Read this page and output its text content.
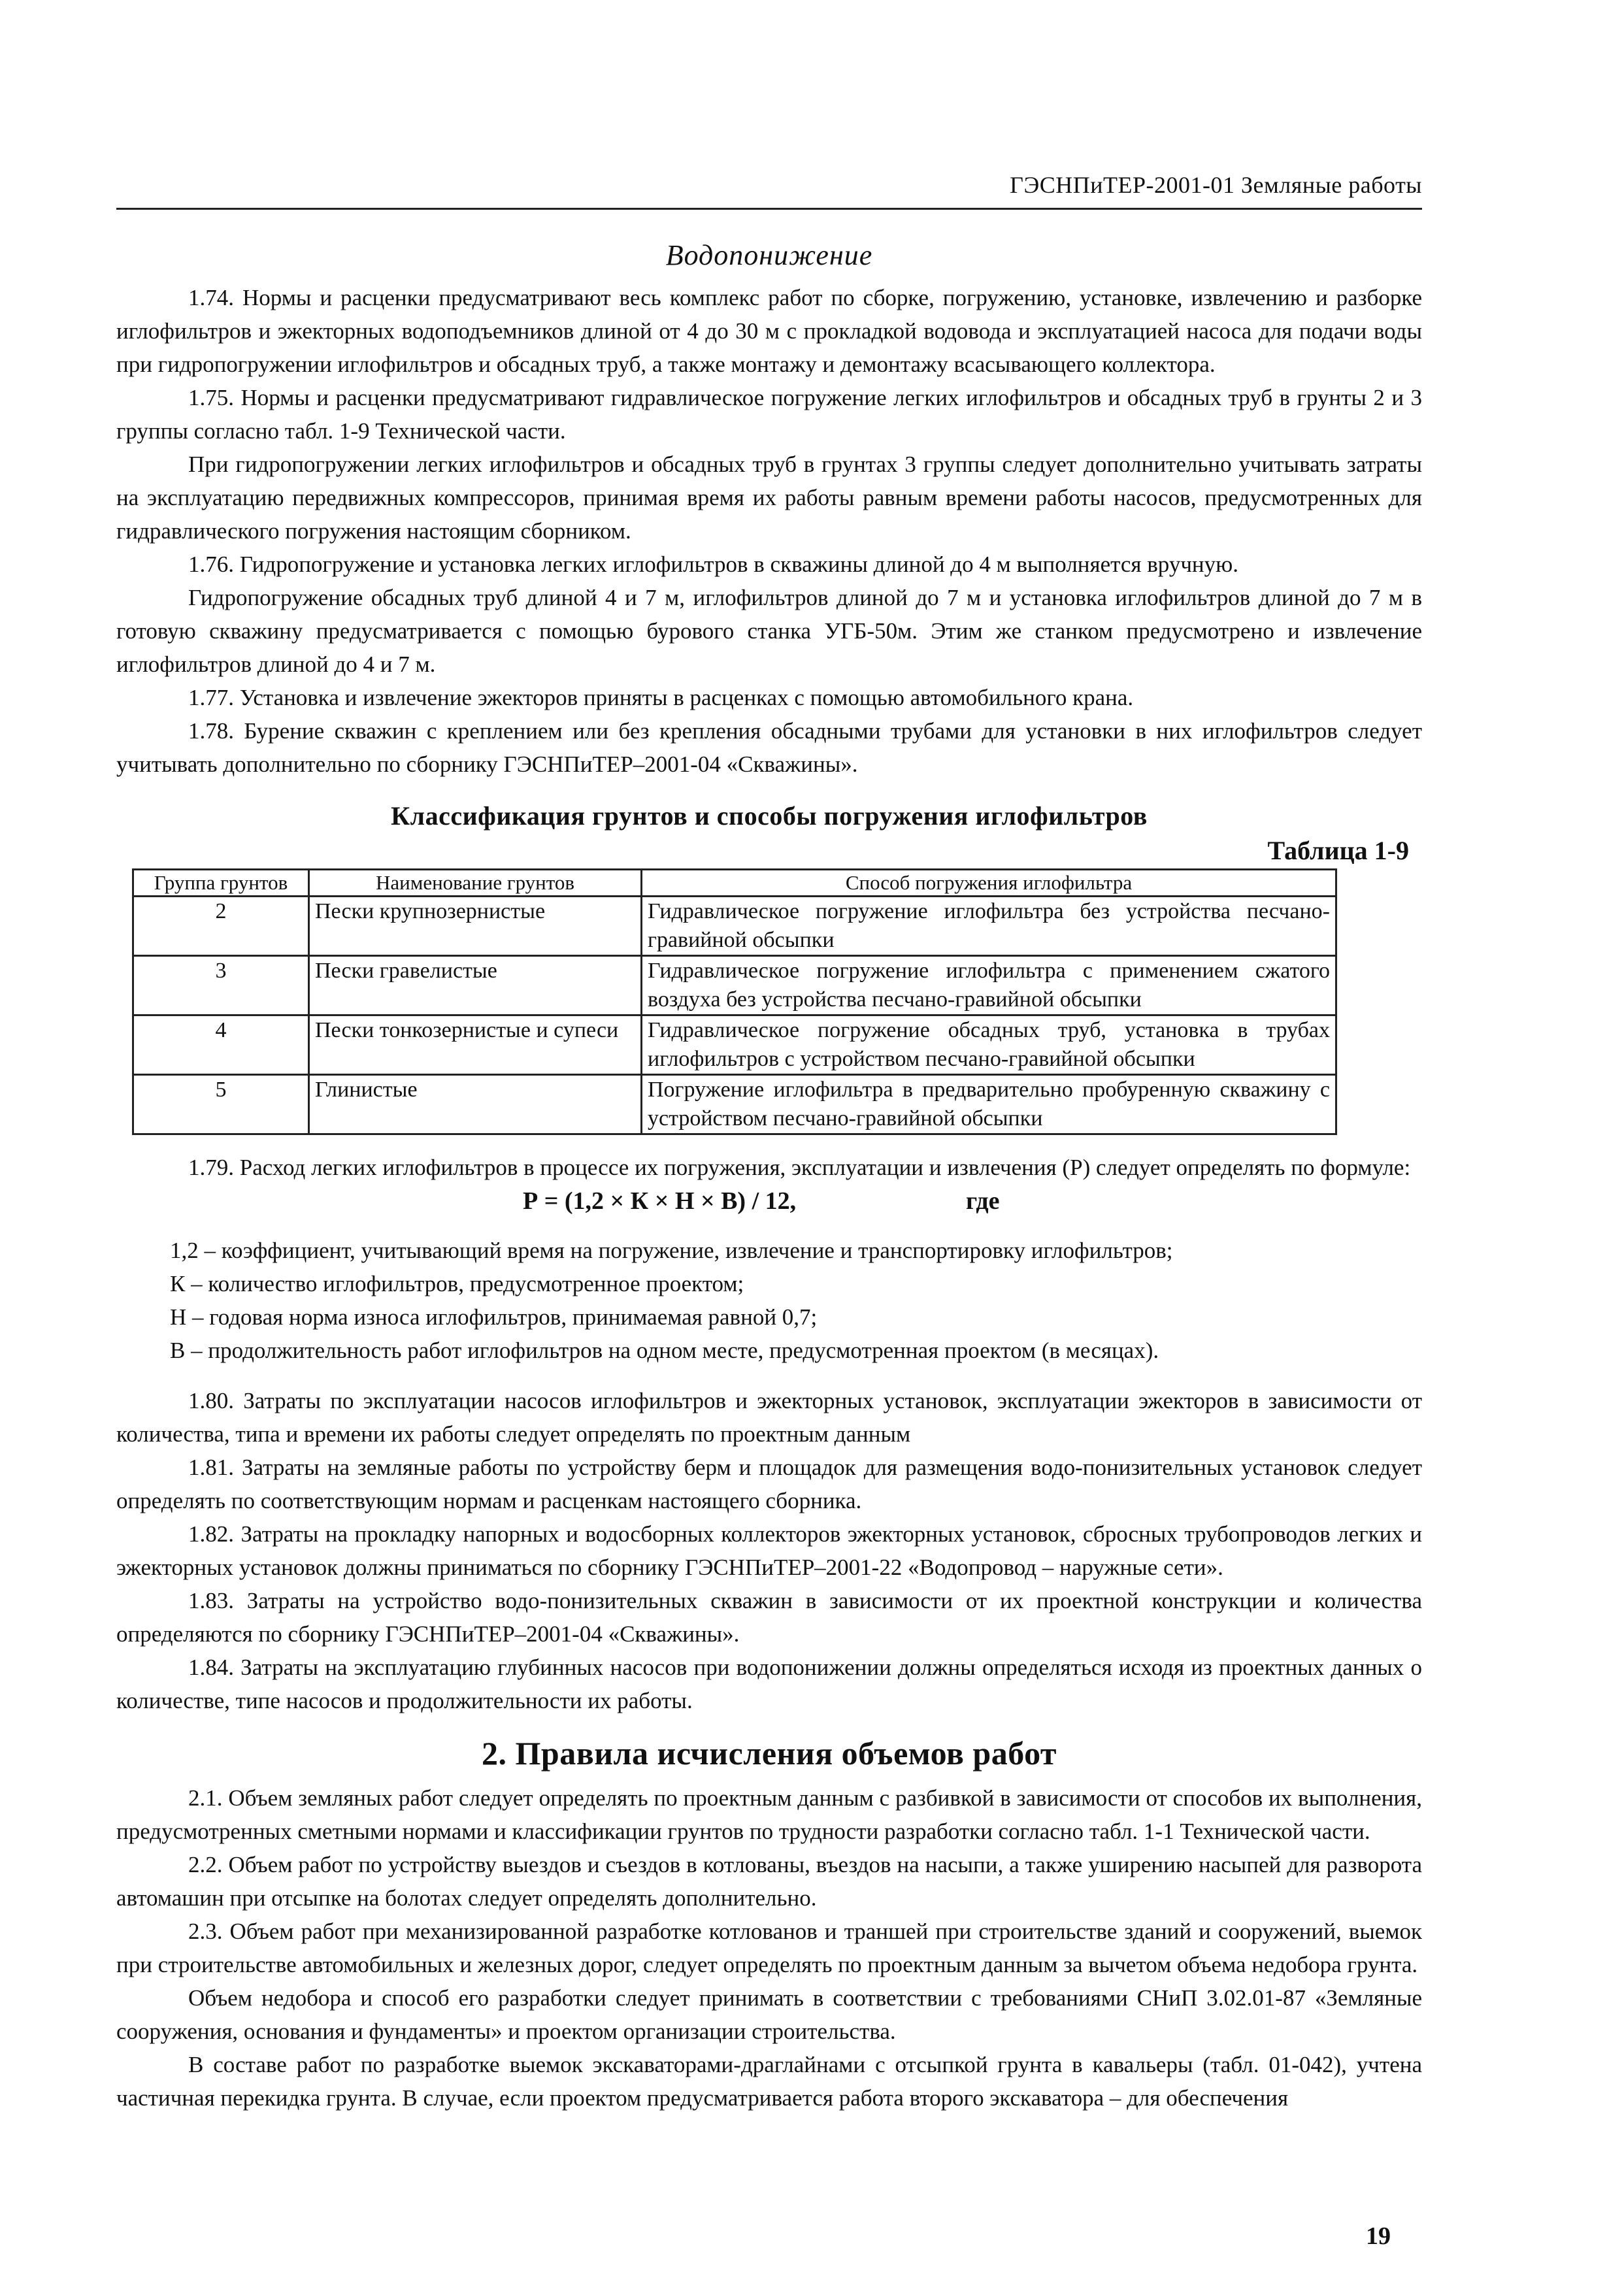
ГЭСНПиТЕР-2001-01 Земляные работы
Водопонижение

1.74. Нормы и расценки предусматривают весь комплекс работ по сборке, погружению, установке, извлечению и разборке иглофильтров и эжекторных водоподъемников длиной от 4 до 30 м с прокладкой водовода и эксплуатацией насоса для подачи воды при гидропогружении иглофильтров и обсадных труб, а также монтажу и демонтажу всасывающего коллектора.

1.75. Нормы и расценки предусматривают гидравлическое погружение легких иглофильтров и обсадных труб в грунты 2 и 3 группы согласно табл. 1-9 Технической части.

При гидропогружении легких иглофильтров и обсадных труб в грунтах 3 группы следует дополнительно учитывать затраты на эксплуатацию передвижных компрессоров, принимая время их работы равным времени работы насосов, предусмотренных для гидравлического погружения настоящим сборником.

1.76. Гидропогружение и установка легких иглофильтров в скважины длиной до 4 м выполняется вручную.

Гидропогружение обсадных труб длиной 4 и 7 м, иглофильтров длиной до 7 м и установка иглофильтров длиной до 7 м в готовую скважину предусматривается с помощью бурового станка УГБ-50м. Этим же станком предусмотрено и извлечение иглофильтров длиной до 4 и 7 м.

1.77. Установка и извлечение эжекторов приняты в расценках с помощью автомобильного крана.

1.78. Бурение скважин с креплением или без крепления обсадными трубами для установки в них иглофильтров следует учитывать дополнительно по сборнику ГЭСНПиТЕР–2001-04 «Скважины».

Классификация грунтов и способы погружения иглофильтров
Таблица 1-9
Группа грунтов	Наименование грунтов	Способ погружения иглофильтра
2	Пески крупнозернистые	Гидравлическое погружение иглофильтра без устройства песчано-гравийной обсыпки
3	Пески гравелистые	Гидравлическое погружение иглофильтра с применением сжатого воздуха без устройства песчано-гравийной обсыпки
4	Пески тонкозернистые и супеси	Гидравлическое погружение обсадных труб, установка в трубах иглофильтров с устройством песчано-гравийной обсыпки
5	Глинистые	Погружение иглофильтра в предварительно пробуренную скважину с устройством песчано-гравийной обсыпки

1.79. Расход легких иглофильтров в процессе их погружения, эксплуатации и извлечения (Р) следует определять по формуле:

Р = (1,2 × К × Н × В) / 12,	где
1,2 – коэффициент, учитывающий время на погружение, извлечение и транспортировку иглофильтров;
К – количество иглофильтров, предусмотренное проектом;
Н – годовая норма износа иглофильтров, принимаемая равной 0,7;
В – продолжительность работ иглофильтров на одном месте, предусмотренная проектом (в месяцах).

1.80. Затраты по эксплуатации насосов иглофильтров и эжекторных установок, эксплуатации эжекторов в зависимости от количества, типа и времени их работы следует определять по проектным данным

1.81. Затраты на земляные работы по устройству берм и площадок для размещения водо-понизительных установок следует определять по соответствующим нормам и расценкам настоящего сборника.

1.82. Затраты на прокладку напорных и водосборных коллекторов эжекторных установок, сбросных трубопроводов легких и эжекторных установок должны приниматься по сборнику ГЭСНПиТЕР–2001-22 «Водопровод – наружные сети».

1.83. Затраты на устройство водо-понизительных скважин в зависимости от их проектной конструкции и количества определяются по сборнику ГЭСНПиТЕР–2001-04 «Скважины».

1.84. Затраты на эксплуатацию глубинных насосов при водопонижении должны определяться исходя из проектных данных о количестве, типе насосов и продолжительности их работы.

2. Правила исчисления объемов работ

2.1. Объем земляных работ следует определять по проектным данным с разбивкой в зависимости от способов их выполнения, предусмотренных сметными нормами и классификации грунтов по трудности разработки согласно табл. 1-1 Технической части.

2.2. Объем работ по устройству выездов и съездов в котлованы, въездов на насыпи, а также уширению насыпей для разворота автомашин при отсыпке на болотах следует определять дополнительно.

2.3. Объем работ при механизированной разработке котлованов и траншей при строительстве зданий и сооружений, выемок при строительстве автомобильных и железных дорог, следует определять по проектным данным за вычетом объема недобора грунта.

Объем недобора и способ его разработки следует принимать в соответствии с требованиями СНиП 3.02.01-87 «Земляные сооружения, основания и фундаменты» и проектом организации строительства.

В составе работ по разработке выемок экскаваторами-драглайнами с отсыпкой грунта в кавальеры (табл. 01-042), учтена частичная перекидка грунта. В случае, если проектом предусматривается работа второго экскаватора – для обеспечения

19
